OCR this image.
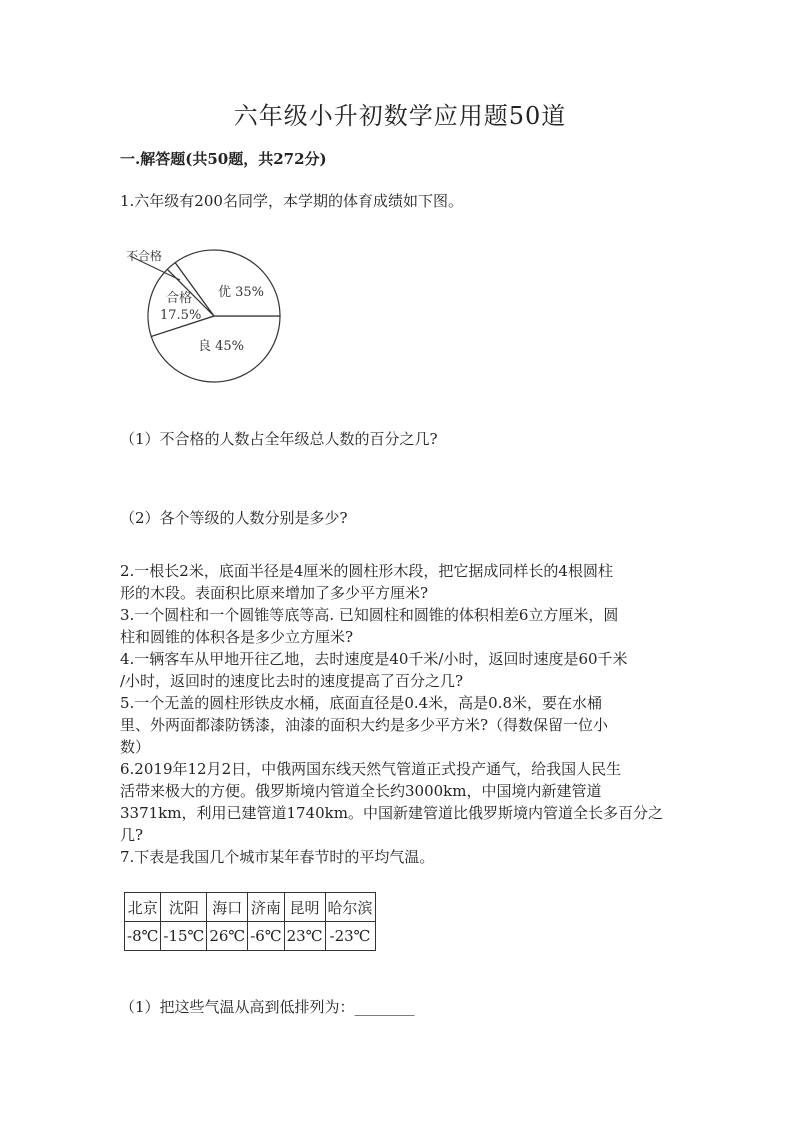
六年级小升初数学应用题50道
一.解答题(共50题，共272分)
1.六年级有200名同学，本学期的体育成绩如下图。
优 35%
合格
17.5%
良 45%
不合格
（1）不合格的人数占全年级总人数的百分之几?
（2）各个等级的人数分别是多少?
2.一根长2米，底面半径是4厘米的圆柱形木段，把它据成同样长的4根圆柱
形的木段。表面积比原来增加了多少平方厘米?
3.一个圆柱和一个圆锥等底等高. 已知圆柱和圆锥的体积相差6立方厘米，圆
柱和圆锥的体积各是多少立方厘米?
4.一辆客车从甲地开往乙地，去时速度是40千米/小时，返回时速度是60千米
/小时，返回时的速度比去时的速度提高了百分之几?
5.一个无盖的圆柱形铁皮水桶，底面直径是0.4米，高是0.8米，要在水桶
里、外两面都漆防锈漆，油漆的面积大约是多少平方米?（得数保留一位小
数）
6.2019年12月2日，中俄两国东线天然气管道正式投产通气，给我国人民生
活带来极大的方便。俄罗斯境内管道全长约3000km，中国境内新建管道
3371km，利用已建管道1740km。中国新建管道比俄罗斯境内管道全长多百分之
几?
7.下表是我国几个城市某年春节时的平均气温。
北京	沈阳	海口	济南	昆明	哈尔滨
-8℃	-15℃	26℃	-6℃	23℃	-23℃
（1）把这些气温从高到低排列为：________
